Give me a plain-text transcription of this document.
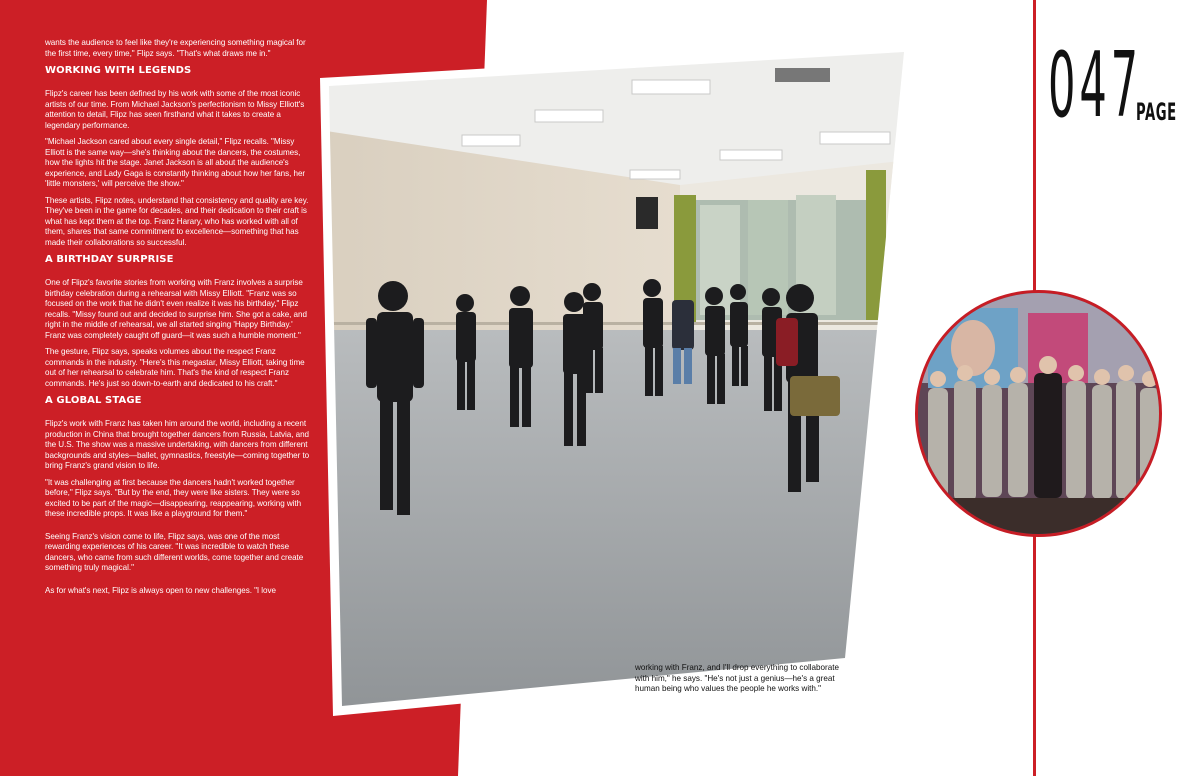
wants the audience to feel like they're experiencing something magical for the first time, every time," Flipz says. "That's what draws me in."

WORKING WITH LEGENDS

Flipz's career has been defined by his work with some of the most iconic artists of our time. From Michael Jackson's perfectionism to Missy Elliott's attention to detail, Flipz has seen firsthand what it takes to create a legendary performance.

"Michael Jackson cared about every single detail," Flipz recalls. "Missy Elliott is the same way—she's thinking about the dancers, the costumes, how the lights hit the stage. Janet Jackson is all about the audience's experience, and Lady Gaga is constantly thinking about how her fans, her 'little monsters,' will perceive the show."

These artists, Flipz notes, understand that consistency and quality are key. They've been in the game for decades, and their dedication to their craft is what has kept them at the top. Franz Harary, who has worked with all of them, shares that same commitment to excellence—something that has made their collaborations so successful.

A BIRTHDAY SURPRISE

One of Flipz's favorite stories from working with Franz involves a surprise birthday celebration during a rehearsal with Missy Elliott. "Franz was so focused on the work that he didn't even realize it was his birthday," Flipz recalls. "Missy found out and decided to surprise him. She got a cake, and right in the middle of rehearsal, we all started singing 'Happy Birthday.' Franz was completely caught off guard—it was such a humble moment."

The gesture, Flipz says, speaks volumes about the respect Franz commands in the industry. "Here's this megastar, Missy Elliott, taking time out of her rehearsal to celebrate him. That's the kind of respect Franz commands. He's just so down-to-earth and dedicated to his craft."

A GLOBAL STAGE

Flipz's work with Franz has taken him around the world, including a recent production in China that brought together dancers from Russia, Latvia, and the U.S. The show was a massive undertaking, with dancers from different backgrounds and styles—ballet, gymnastics, freestyle—coming together to bring Franz's grand vision to life.

"It was challenging at first because the dancers hadn't worked together before," Flipz says. "But by the end, they were like sisters. They were so excited to be part of the magic—disappearing, reappearing, working with these incredible props. It was like a playground for them."

Seeing Franz's vision come to life, Flipz says, was one of the most rewarding experiences of his career. "It was incredible to watch these dancers, who came from such different worlds, come together and create something truly magical."

As for what's next, Flipz is always open to new challenges. "I love

working with Franz, and I'll drop everything to collaborate with him," he says. "He's not just a genius—he's a great human being who values the people he works with."

047
PAGE
